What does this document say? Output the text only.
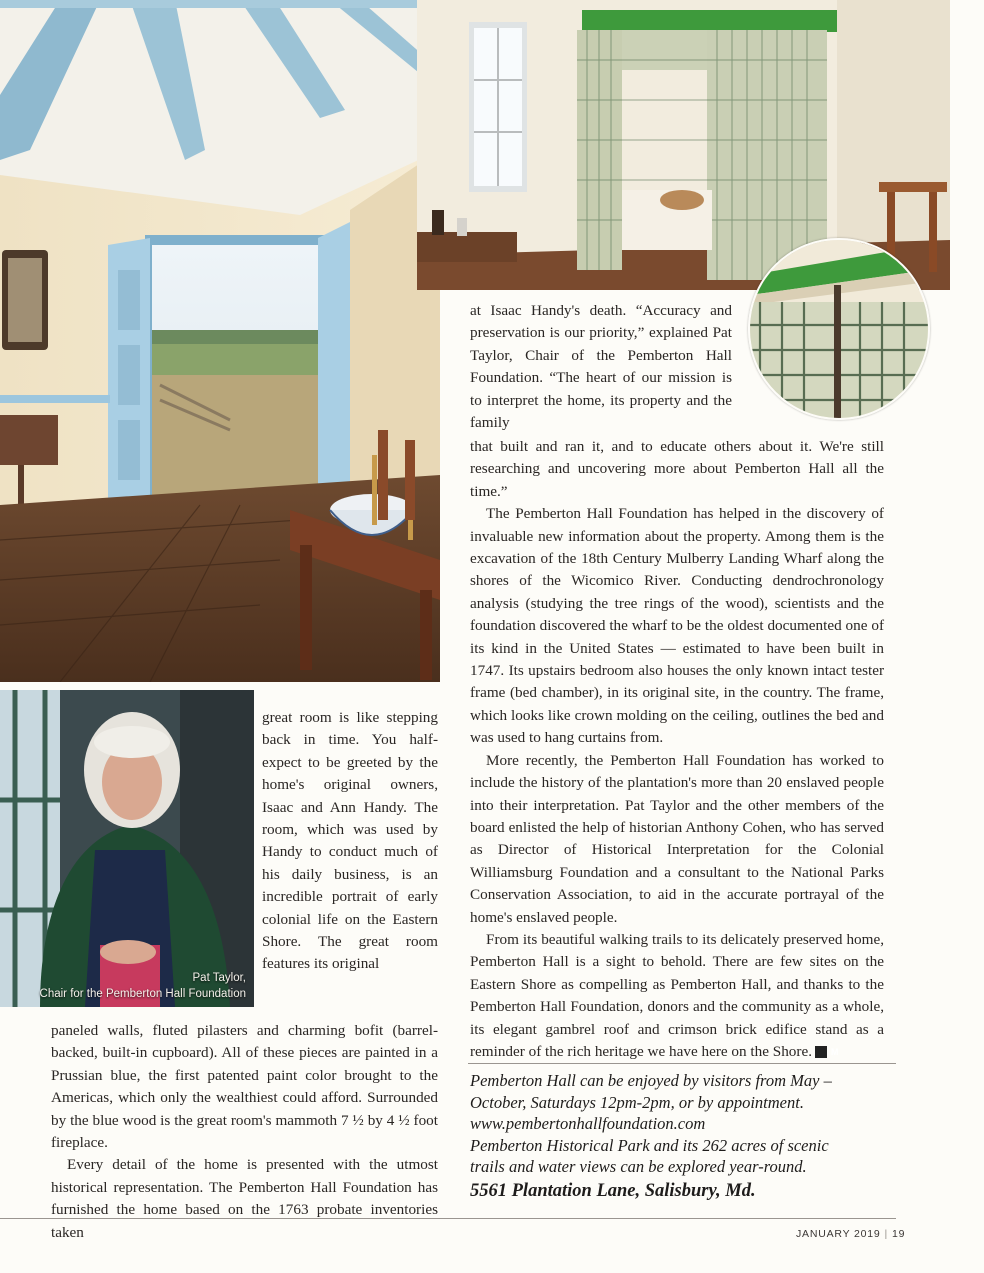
Pat Taylor,
Chair for the Pemberton Hall Foundation

great room is like stepping back in time. You half-expect to be greeted by the home's original owners, Isaac and Ann Handy. The room, which was used by Handy to conduct much of his daily business, is an incredible portrait of early colonial life on the Eastern Shore. The great room features its original

paneled walls, fluted pilasters and charming bofit (barrel-backed, built-in cupboard). All of these pieces are painted in a Prussian blue, the first patented paint color brought to the Americas, which only the wealthiest could afford. Surrounded by the blue wood is the great room's mammoth 7 ½ by 4 ½ foot fireplace.

Every detail of the home is presented with the utmost historical representation. The Pemberton Hall Foundation has furnished the home based on the 1763 probate inventories taken

at Isaac Handy's death. “Accuracy and preservation is our priority,” explained Pat Taylor, Chair of the Pemberton Hall Foundation. “The heart of our mission is to interpret the home, its property and the family

that built and ran it, and to educate others about it. We're still researching and uncovering more about Pemberton Hall all the time.”

The Pemberton Hall Foundation has helped in the discovery of invaluable new information about the property. Among them is the excavation of the 18th Century Mulberry Landing Wharf along the shores of the Wicomico River. Conducting dendrochronology analysis (studying the tree rings of the wood), scientists and the foundation discovered the wharf to be the oldest documented one of its kind in the United States — estimated to have been built in 1747. Its upstairs bedroom also houses the only known intact tester frame (bed chamber), in its original site, in the country. The frame, which looks like crown molding on the ceiling, outlines the bed and was used to hang curtains from.

More recently, the Pemberton Hall Foundation has worked to include the history of the plantation's more than 20 enslaved people into their interpretation. Pat Taylor and the other members of the board enlisted the help of historian Anthony Cohen, who has served as Director of Historical Interpretation for the Colonial Williamsburg Foundation and a consultant to the National Parks Conservation Association, to aid in the accurate portrayal of the home's enslaved people.

From its beautiful walking trails to its delicately preserved home, Pemberton Hall is a sight to behold. There are few sites on the Eastern Shore as compelling as Pemberton Hall, and thanks to the Pemberton Hall Foundation, donors and the community as a whole, its elegant gambrel roof and crimson brick edifice stand as a reminder of the rich heritage we have here on the Shore. M

Pemberton Hall can be enjoyed by visitors from May –
October, Saturdays 12pm-2pm, or by appointment.
www.pembertonhallfoundation.com
Pemberton Historical Park and its 262 acres of scenic
trails and water views can be explored year-round.
5561 Plantation Lane, Salisbury, Md.
JANUARY 2019 | 19
